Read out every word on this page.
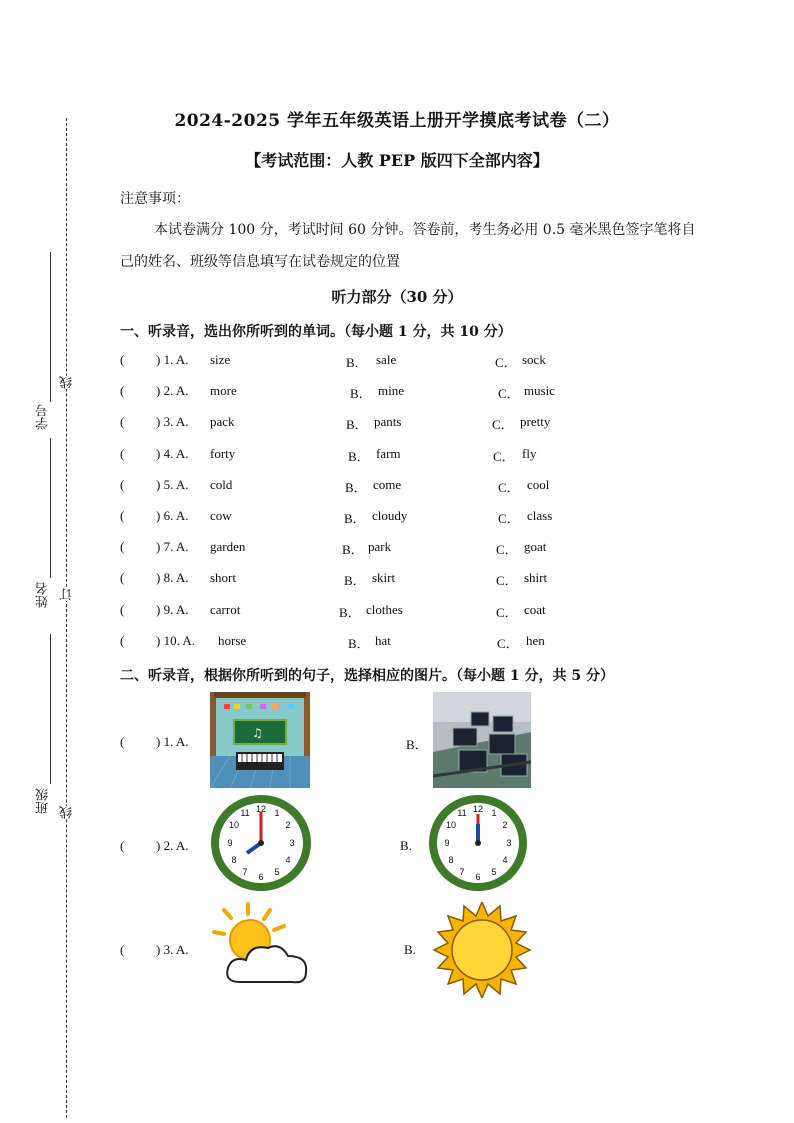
学号
姓名
班级
线
订
线
2024-2025 学年五年级英语上册开学摸底考试卷（二）
【考试范围：人教 PEP 版四下全部内容】
注意事项：
本试卷满分 100 分，考试时间 60 分钟。答卷前，考生务必用 0.5 毫米黑色签字笔将自己的姓名、班级等信息填写在试卷规定的位置
听力部分（30 分）
一、听录音，选出你所听到的单词。（每小题 1 分，共 10 分）
( ) 1. A. size	B． sale	C． sock
( ) 2. A. more	B． mine	C． music
( ) 3. A. pack	B． pants	C． pretty
( ) 4. A. forty	B． farm	C． fly
( ) 5. A. cold	B． come	C． cool
( ) 6. A. cow	B． cloudy	C． class
( ) 7. A. garden	B． park	C． goat
( ) 8. A. short	B． skirt	C． shirt
( ) 9. A. carrot	B． clothes	C． coat
( ) 10. A. horse	B． hat	C． hen
二、听录音，根据你所听到的句子，选择相应的图片。（每小题 1 分，共 5 分）
( ) 1. A.	B．
♫
( ) 2. A.	B.
12 1
2
3
4
5
6
7
8
9
10
11	12 1
2
3
4
5
6
7
8
9
10
11
( ) 3. A.	B.
